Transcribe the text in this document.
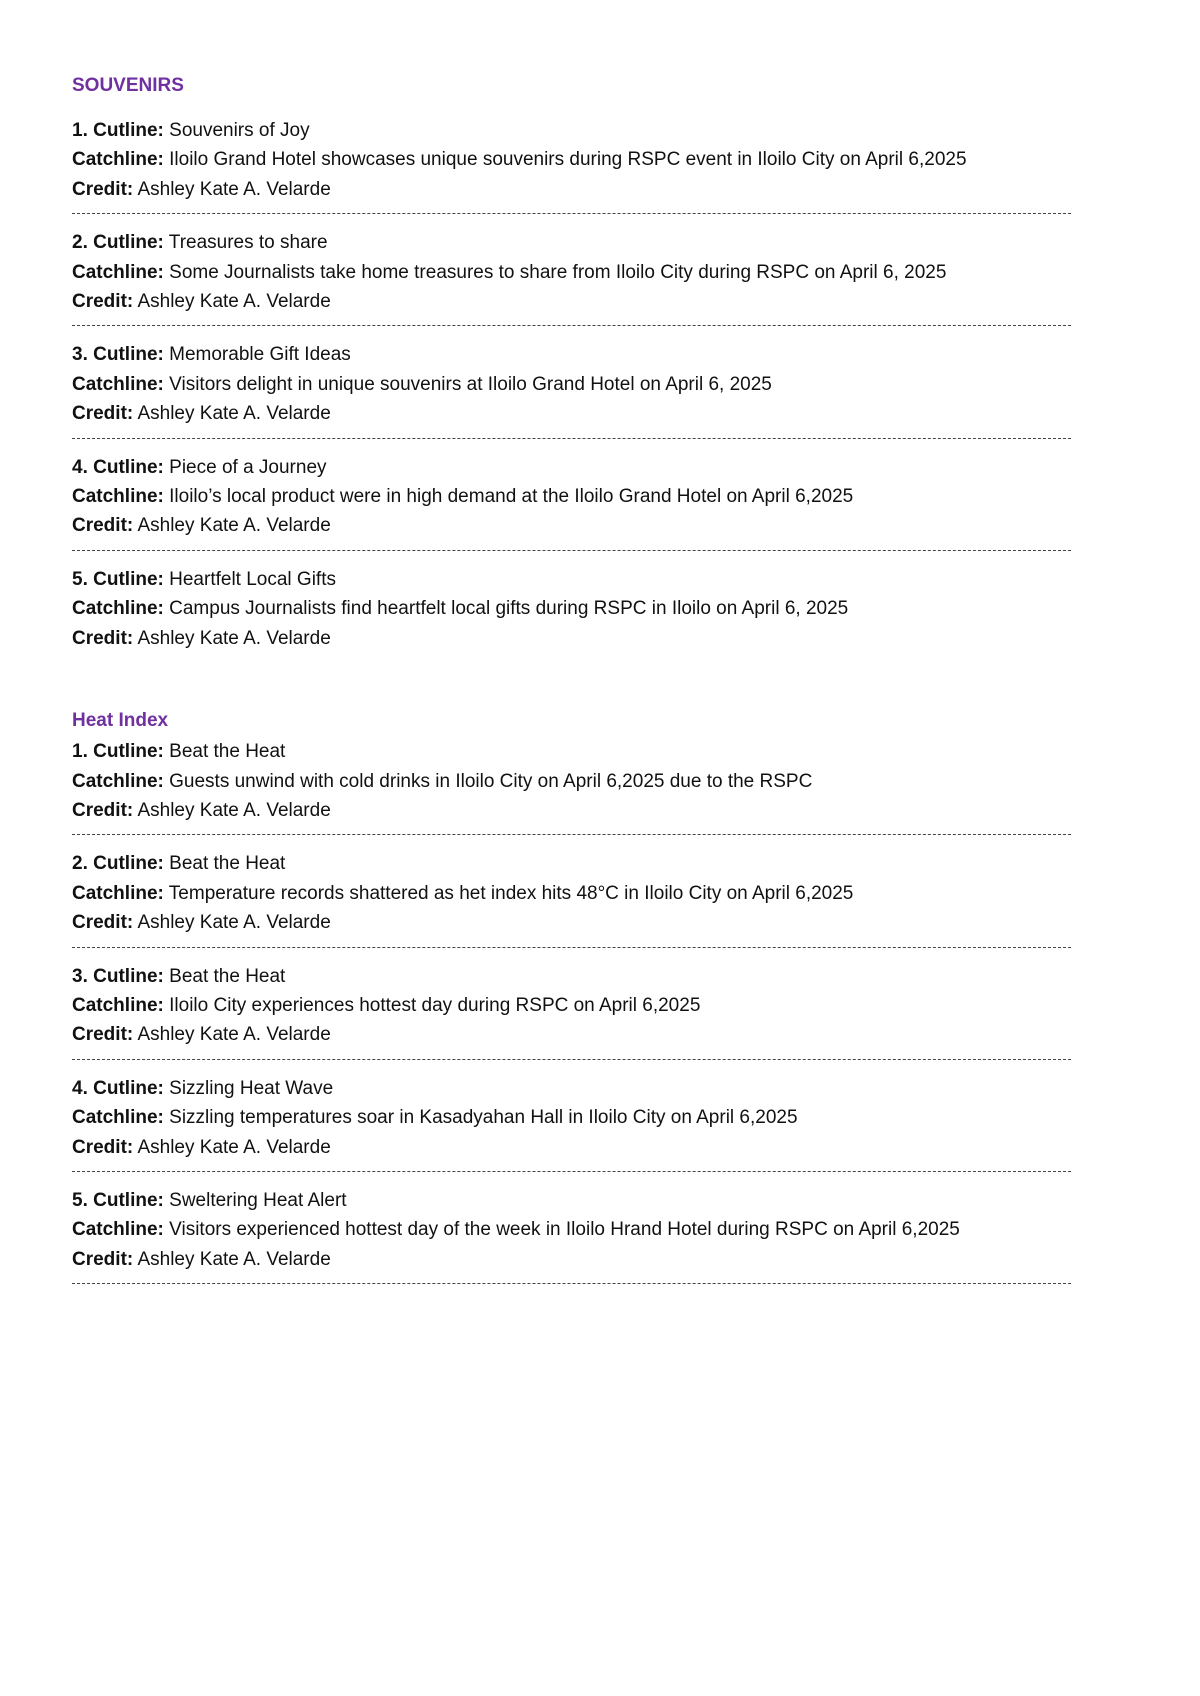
SOUVENIRS
1. Cutline: Souvenirs of Joy
Catchline: Iloilo Grand Hotel showcases unique souvenirs during RSPC event in Iloilo City on April 6,2025
Credit: Ashley Kate A. Velarde
2. Cutline: Treasures to share
Catchline: Some Journalists take home treasures to share from Iloilo City during RSPC on April 6, 2025
Credit: Ashley Kate A. Velarde
3. Cutline: Memorable Gift Ideas
Catchline: Visitors delight in unique souvenirs at Iloilo Grand Hotel on April 6, 2025
Credit: Ashley Kate A. Velarde
4. Cutline: Piece of a Journey
Catchline: Iloilo’s local product were in high demand at the Iloilo Grand Hotel on April 6,2025
Credit: Ashley Kate A. Velarde
5. Cutline: Heartfelt Local Gifts
Catchline: Campus Journalists find heartfelt local gifts during RSPC in Iloilo on April 6, 2025
Credit: Ashley Kate A. Velarde
Heat Index
1. Cutline: Beat the Heat
Catchline: Guests unwind with cold drinks in Iloilo City on April 6,2025 due to the RSPC
Credit: Ashley Kate A. Velarde
2. Cutline: Beat the Heat
Catchline: Temperature records shattered as het index hits 48°C in Iloilo City on April 6,2025
Credit: Ashley Kate A. Velarde
3. Cutline: Beat the Heat
Catchline: Iloilo City experiences hottest day during RSPC on April 6,2025
Credit: Ashley Kate A. Velarde
4. Cutline: Sizzling Heat Wave
Catchline: Sizzling temperatures soar in Kasadyahan Hall in Iloilo City on April 6,2025
Credit: Ashley Kate A. Velarde
5. Cutline: Sweltering Heat Alert
Catchline: Visitors experienced hottest day of the week in Iloilo Hrand Hotel during RSPC on April 6,2025
Credit: Ashley Kate A. Velarde
